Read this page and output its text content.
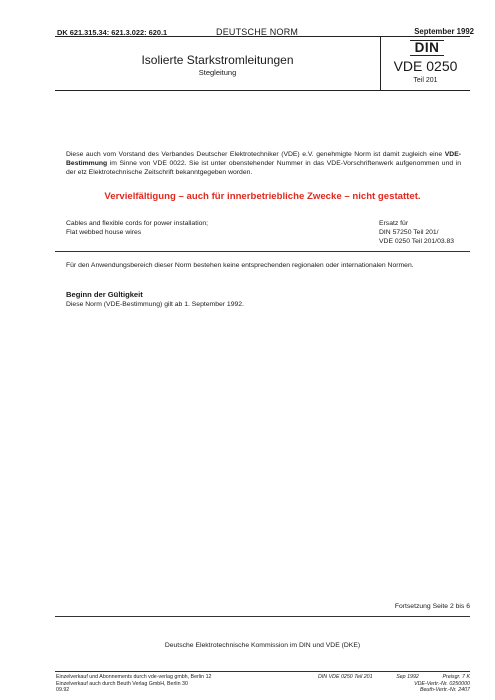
DK 621.315.34: 621.3.022: 620.1	DEUTSCHE NORM	September 1992
Isolierte Starkstromleitungen
Stegleitung
DIN
VDE 0250
Teil 201
Diese auch vom Vorstand des Verbandes Deutscher Elektrotechniker (VDE) e.V. genehmigte Norm ist damit zugleich eine VDE-Bestimmung im Sinne von VDE 0022. Sie ist unter obenstehender Nummer in das VDE-Vorschriftenwerk aufgenommen und in der etz Elektrotechnische Zeitschrift bekanntgegeben worden.
Vervielfältigung – auch für innerbetriebliche Zwecke – nicht gestattet.
Cables and flexible cords for power installation;
Flat webbed house wires
Ersatz für
DIN 57250 Teil 201/
VDE 0250 Teil 201/03.83
Für den Anwendungsbereich dieser Norm bestehen keine entsprechenden regionalen oder internationalen Normen.
Beginn der Gültigkeit
Diese Norm (VDE-Bestimmung) gilt ab 1. September 1992.
Fortsetzung Seite 2 bis 6
Deutsche Elektrotechnische Kommission im DIN und VDE (DKE)
Einzelverkauf und Abonnements durch vde-verlag gmbh, Berlin 12
Einzelverkauf auch durch Beuth Verlag GmbH, Berlin 30
09.92
DIN VDE 0250 Teil 201	Sep 1992	Preisgr. 7 K
VDE-Vertr.-Nr. 0250000
Beuth-Vertr.-Nr. 2407
